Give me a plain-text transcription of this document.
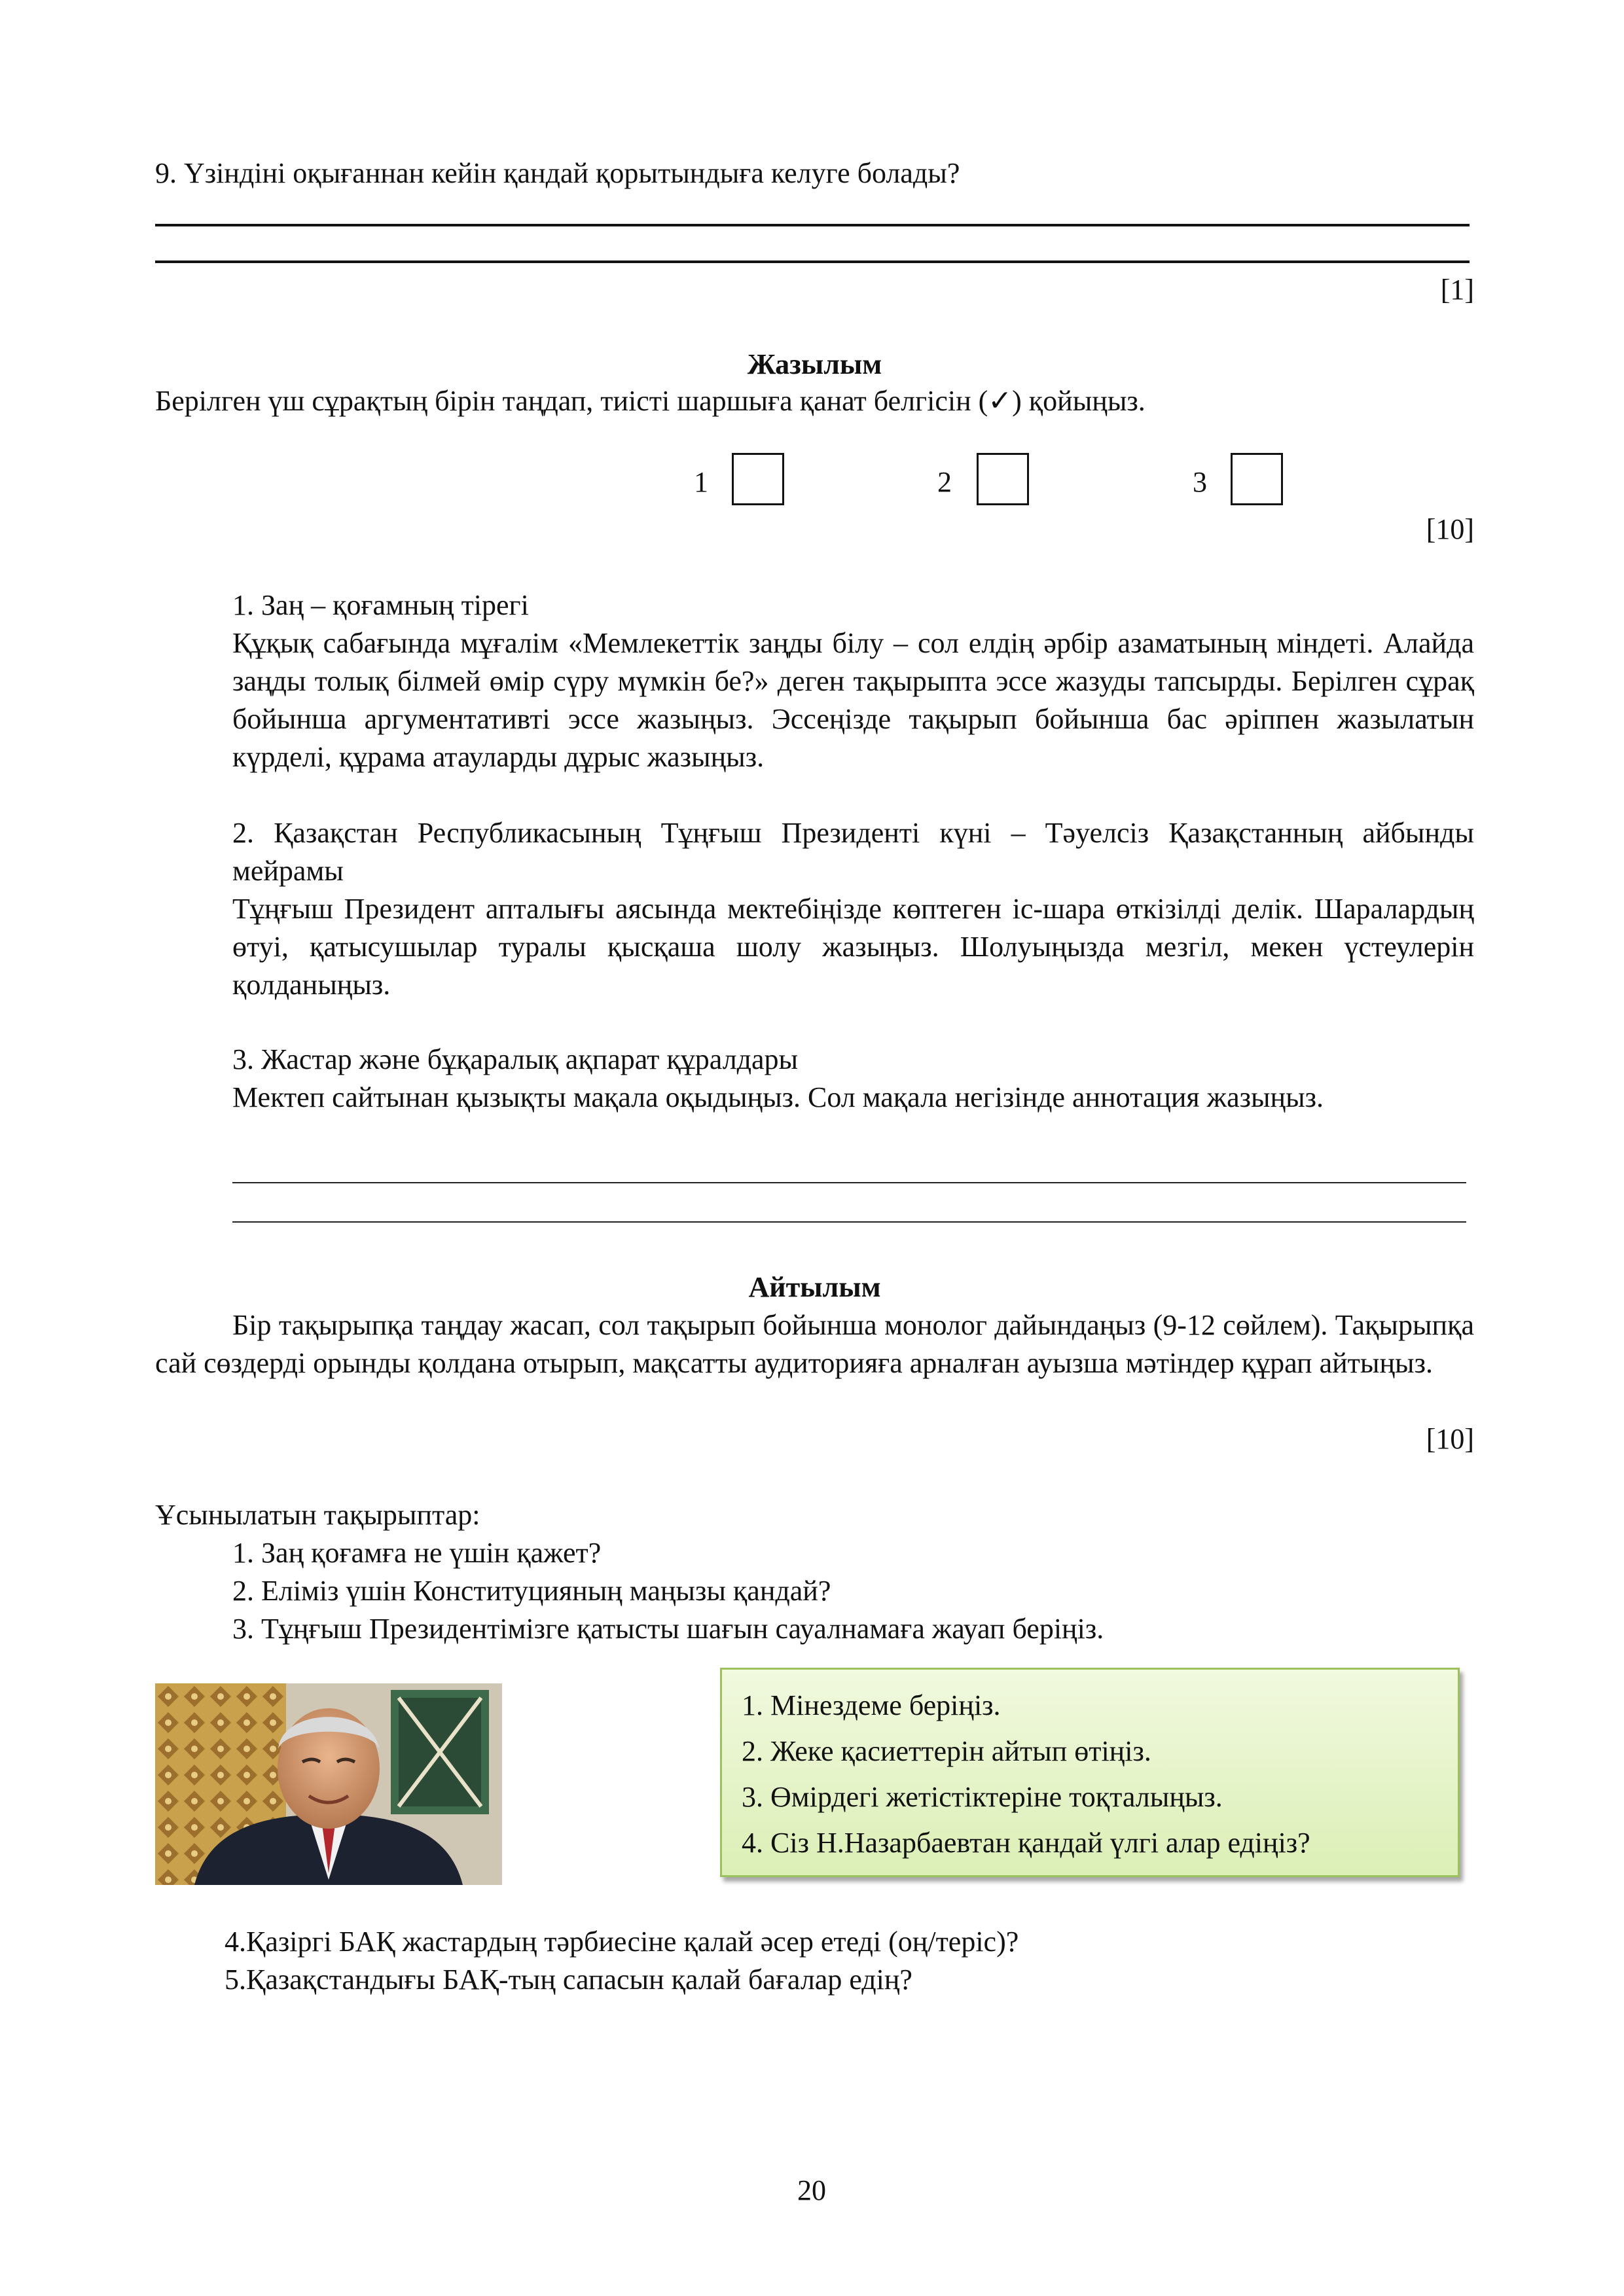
9. Үзіндіні оқығаннан кейін қандай қорытындыға келуге болады?
[1]
Жазылым
Берілген үш сұрақтың бірін таңдап, тиісті шаршыға қанат белгісін (✓) қойыңыз.
1	2	3
[10]
1. Заң – қоғамның тірегі
Құқық сабағында мұғалім «Мемлекеттік заңды білу – сол елдің әрбір азаматының міндеті. Алайда заңды толық білмей өмір сүру мүмкін бе?» деген тақырыпта эссе жазуды тапсырды. Берілген сұрақ бойынша аргументативті эссе жазыңыз. Эссеңізде тақырып бойынша бас әріппен жазылатын күрделі, құрама атауларды дұрыс жазыңыз.
2. Қазақстан Республикасының Тұңғыш Президенті күні – Тәуелсіз Қазақстанның айбынды мейрамы
Тұңғыш Президент апталығы аясында мектебіңізде көптеген іс-шара өткізілді делік. Шаралардың өтуі, қатысушылар туралы қысқаша шолу жазыңыз. Шолуыңызда мезгіл, мекен үстеулерін қолданыңыз.
3. Жастар және бұқаралық ақпарат құралдары
Мектеп сайтынан қызықты мақала оқыдыңыз. Сол мақала негізінде аннотация жазыңыз.
Айтылым
Бір тақырыпқа таңдау жасап, сол тақырып бойынша монолог дайындаңыз (9-12 сөйлем). Тақырыпқа сай сөздерді орынды қолдана отырып, мақсатты аудиторияға арналған ауызша мәтіндер құрап айтыңыз.
[10]
Ұсынылатын тақырыптар:
1. Заң қоғамға не үшін қажет?
2. Еліміз үшін Конституцияның маңызы қандай?
3. Тұңғыш Президентімізге қатысты шағын сауалнамаға жауап беріңіз.
1. Мінездеме беріңіз.
2. Жеке қасиеттерін айтып өтіңіз.
3. Өмірдегі жетістіктеріне тоқталыңыз.
4. Сіз Н.Назарбаевтан қандай үлгі алар едіңіз?
4.Қазіргі БАҚ жастардың тәрбиесіне қалай әсер етеді (оң/теріс)?
5.Қазақстандығы БАҚ-тың сапасын қалай бағалар едің?
20
